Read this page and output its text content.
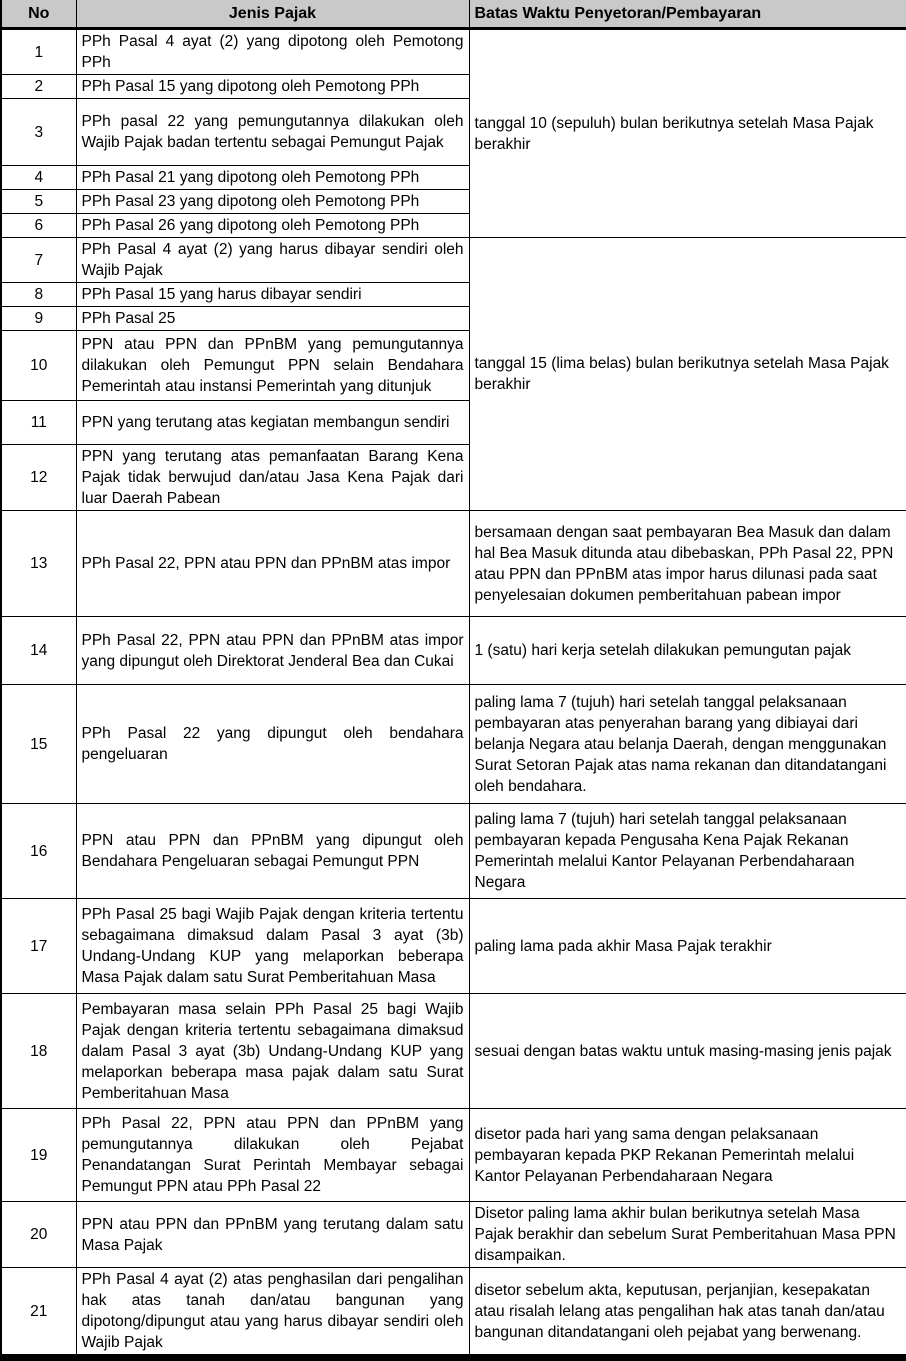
No	Jenis Pajak	Batas Waktu Penyetoran/Pembayaran
1	PPh Pasal 4 ayat (2) yang dipotong oleh Pemotong PPh	tanggal 10 (sepuluh) bulan berikutnya setelah Masa Pajak berakhir
2	PPh Pasal 15 yang dipotong oleh Pemotong PPh	
3	PPh pasal 22 yang pemungutannya dilakukan oleh Wajib Pajak badan tertentu sebagai Pemungut Pajak	
4	PPh Pasal 21 yang dipotong oleh Pemotong PPh	
5	PPh Pasal 23 yang dipotong oleh Pemotong PPh	
6	PPh Pasal 26 yang dipotong oleh Pemotong PPh	
7	PPh Pasal 4 ayat (2) yang harus dibayar sendiri oleh Wajib Pajak	tanggal 15 (lima belas) bulan berikutnya setelah Masa Pajak berakhir
8	PPh Pasal 15 yang harus dibayar sendiri	
9	PPh Pasal 25	
10	PPN atau PPN dan PPnBM yang pemungutannya dilakukan oleh Pemungut PPN selain Bendahara Pemerintah atau instansi Pemerintah yang ditunjuk	
11	PPN yang terutang atas kegiatan membangun sendiri	
12	PPN yang terutang atas pemanfaatan Barang Kena Pajak tidak berwujud dan/atau Jasa Kena Pajak dari luar Daerah Pabean	
13	PPh Pasal 22, PPN atau PPN dan PPnBM atas impor	bersamaan dengan saat pembayaran Bea Masuk dan dalam hal Bea Masuk ditunda atau dibebaskan, PPh Pasal 22, PPN atau PPN dan PPnBM atas impor harus dilunasi pada saat penyelesaian dokumen pemberitahuan pabean impor
14	PPh Pasal 22, PPN atau PPN dan PPnBM atas impor yang dipungut oleh Direktorat Jenderal Bea dan Cukai	1 (satu) hari kerja setelah dilakukan pemungutan pajak
15	PPh Pasal 22 yang dipungut oleh bendahara pengeluaran	paling lama 7 (tujuh) hari setelah tanggal pelaksanaan pembayaran atas penyerahan barang yang dibiayai dari belanja Negara atau belanja Daerah, dengan menggunakan Surat Setoran Pajak atas nama rekanan dan ditandatangani oleh bendahara.
16	PPN atau PPN dan PPnBM yang dipungut oleh Bendahara Pengeluaran sebagai Pemungut PPN	paling lama 7 (tujuh) hari setelah tanggal pelaksanaan pembayaran kepada Pengusaha Kena Pajak Rekanan Pemerintah melalui Kantor Pelayanan Perbendaharaan Negara
17	PPh Pasal 25 bagi Wajib Pajak dengan kriteria tertentu sebagaimana dimaksud dalam Pasal 3 ayat (3b) Undang-Undang KUP yang melaporkan beberapa Masa Pajak dalam satu Surat Pemberitahuan Masa	paling lama pada akhir Masa Pajak terakhir
18	Pembayaran masa selain PPh Pasal 25 bagi Wajib Pajak dengan kriteria tertentu sebagaimana dimaksud dalam Pasal 3 ayat (3b) Undang-Undang KUP yang melaporkan beberapa masa pajak dalam satu Surat Pemberitahuan Masa	sesuai dengan batas waktu untuk masing-masing jenis pajak
19	PPh Pasal 22, PPN atau PPN dan PPnBM yang pemungutannya dilakukan oleh Pejabat Penandatangan Surat Perintah Membayar sebagai Pemungut PPN atau PPh Pasal 22	disetor pada hari yang sama dengan pelaksanaan pembayaran kepada PKP Rekanan Pemerintah melalui Kantor Pelayanan Perbendaharaan Negara
20	PPN atau PPN dan PPnBM yang terutang dalam satu Masa Pajak	Disetor paling lama akhir bulan berikutnya setelah Masa Pajak berakhir dan sebelum Surat Pemberitahuan Masa PPN disampaikan.
21	PPh Pasal 4 ayat (2) atas penghasilan dari pengalihan hak atas tanah dan/atau bangunan yang dipotong/dipungut atau yang harus dibayar sendiri oleh Wajib Pajak	disetor sebelum akta, keputusan, perjanjian, kesepakatan atau risalah lelang atas pengalihan hak atas tanah dan/atau bangunan ditandatangani oleh pejabat yang berwenang.
